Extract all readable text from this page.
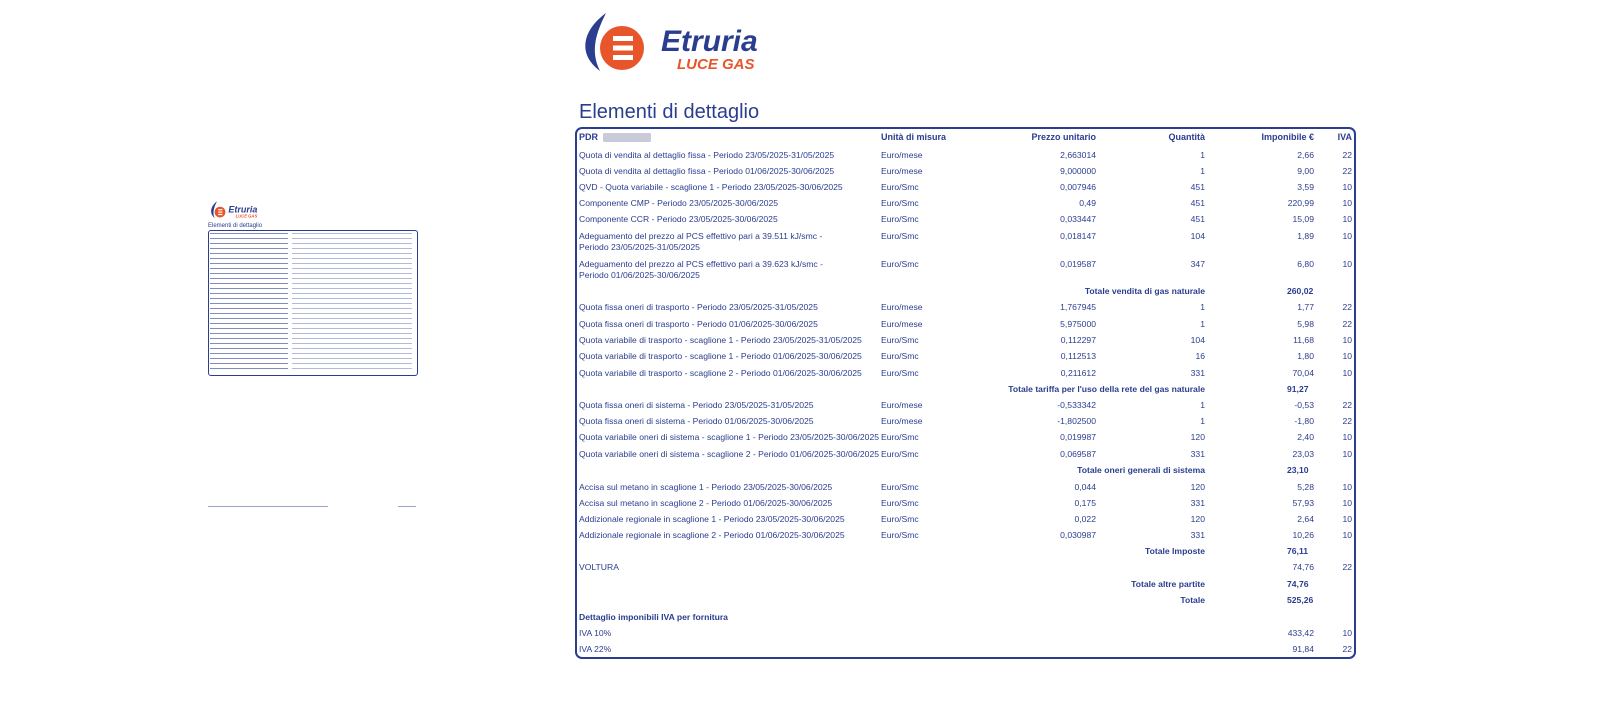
Etruria
LUCE GAS
Elementi di dettaglio
Etruria
LUCE GAS
Elementi di dettaglio
PDR	Unità di misura	Prezzo unitario	Quantità	Imponibile €	IVA
Quota di vendita al dettaglio fissa - Periodo 23/05/2025-31/05/2025	Euro/mese	2,663014	1	2,66	22
Quota di vendita al dettaglio fissa - Periodo 01/06/2025-30/06/2025	Euro/mese	9,000000	1	9,00	22
QVD - Quota variabile - scaglione 1 - Periodo 23/05/2025-30/06/2025	Euro/Smc	0,007946	451	3,59	10
Componente CMP - Periodo 23/05/2025-30/06/2025	Euro/Smc	0,49	451	220,99	10
Componente CCR - Periodo 23/05/2025-30/06/2025	Euro/Smc	0,033447	451	15,09	10
Adeguamento del prezzo al PCS effettivo pari a 39.511 kJ/smc - Periodo 23/05/2025-31/05/2025
Euro/Smc	0,018147	104	1,89	10
Adeguamento del prezzo al PCS effettivo pari a 39.623 kJ/smc - Periodo 01/06/2025-30/06/2025
Euro/Smc	0,019587	347	6,80	10
Totale vendita di gas naturale	260,02
Quota fissa oneri di trasporto - Periodo 23/05/2025-31/05/2025	Euro/mese	1,767945	1	1,77	22
Quota fissa oneri di trasporto - Periodo 01/06/2025-30/06/2025	Euro/mese	5,975000	1	5,98	22
Quota variabile di trasporto - scaglione 1 - Periodo 23/05/2025-31/05/2025	Euro/Smc	0,112297	104	11,68	10
Quota variabile di trasporto - scaglione 1 - Periodo 01/06/2025-30/06/2025	Euro/Smc	0,112513	16	1,80	10
Quota variabile di trasporto - scaglione 2 - Periodo 01/06/2025-30/06/2025	Euro/Smc	0,211612	331	70,04	10
Totale tariffa per l'uso della rete del gas naturale	91,27
Quota fissa oneri di sistema - Periodo 23/05/2025-31/05/2025	Euro/mese	-0,533342	1	-0,53	22
Quota fissa oneri di sistema - Periodo 01/06/2025-30/06/2025	Euro/mese	-1,802500	1	-1,80	22
Quota variabile oneri di sistema - scaglione 1 - Periodo 23/05/2025-30/06/2025 Euro/Smc	0,019987	120	2,40	10
Quota variabile oneri di sistema - scaglione 2 - Periodo 01/06/2025-30/06/2025 Euro/Smc	0,069587	331	23,03	10
Totale oneri generali di sistema	23,10
Accisa sul metano in scaglione 1 - Periodo 23/05/2025-30/06/2025	Euro/Smc	0,044	120	5,28	10
Accisa sul metano in scaglione 2 - Periodo 01/06/2025-30/06/2025	Euro/Smc	0,175	331	57,93	10
Addizionale regionale in scaglione 1 - Periodo 23/05/2025-30/06/2025	Euro/Smc	0,022	120	2,64	10
Addizionale regionale in scaglione 2 - Periodo 01/06/2025-30/06/2025	Euro/Smc	0,030987	331	10,26	10
Totale Imposte	76,11
VOLTURA	74,76	22
Totale altre partite	74,76
Totale	525,26
Dettaglio imponibili IVA per fornitura
IVA 10%	433,42	10
IVA 22%	91,84	22
